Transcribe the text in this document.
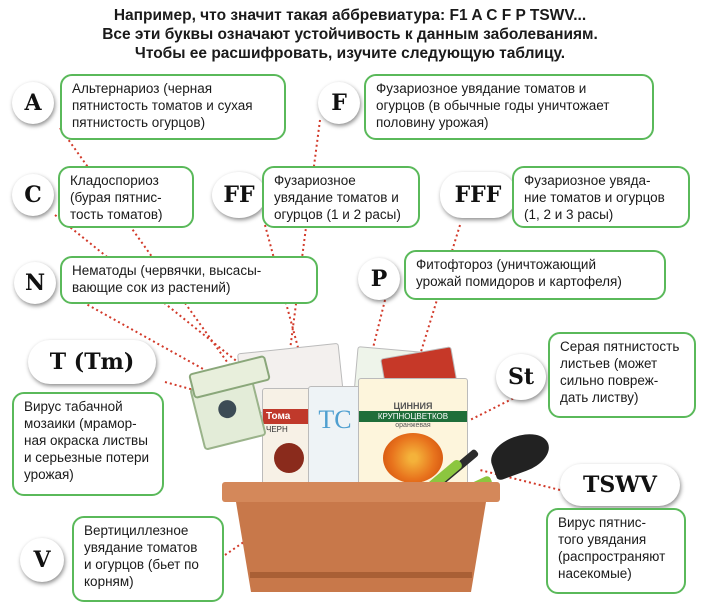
Например, что значит такая аббревиатура: F1 A C F P TSWV...
Все эти буквы означают устойчивость к данным заболеваниям.
Чтобы ее расшифровать, изучите следующую таблицу.
Тома
ЧЕРН	ТС	ЦИННИЯ
КРУПНОЦВЕТКОВ
оранжевая
A
Альтернариоз (черная
пятнистость томатов и сухая
пятнистость огурцов)
F
Фузариозное увядание томатов и
огурцов (в обычные годы уничтожает
половину урожая)
C
Кладоспориоз
(бурая пятнис-
тость томатов)
FF
Фузариозное
увядание томатов и
огурцов (1 и 2 расы)
FFF
Фузариозное увяда-
ние томатов и огурцов
(1, 2 и 3 расы)
N Нематоды (червячки, высасы-
вающие сок из растений)	P
Фитофтороз (уничтожающий
урожай помидоров и картофеля)
T (Tm)
Вирус табачной
мозаики (мрамор-
ная окраска листвы
и серьезные потери
урожая)
St
Серая пятнистость
листьев (может
сильно повреж-
дать листву)
TSWV
Вирус пятнис-
того увядания
(распространяют
насекомые)
V
Вертициллезное
увядание томатов
и огурцов (бьет по
корням)
